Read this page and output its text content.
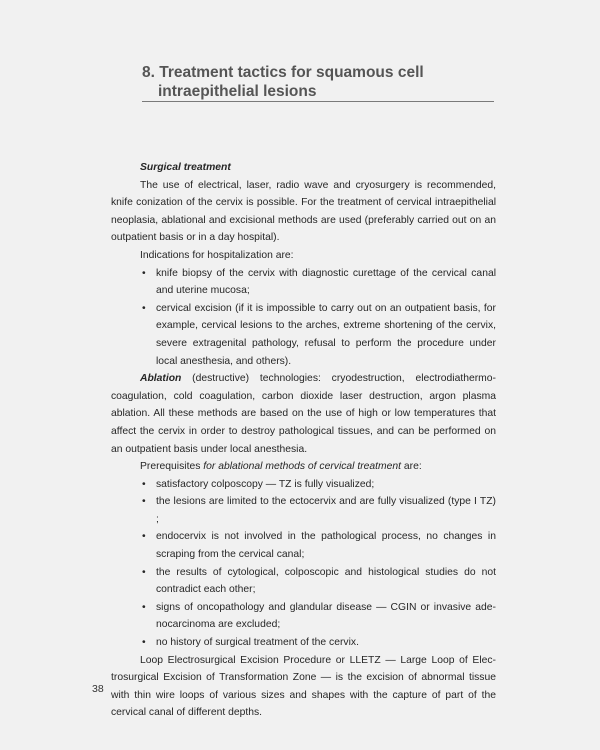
8. Treatment tactics for squamous cell
intraepithelial lesions

Surgical treatment

The use of electrical, laser, radio wave and cryosurgery is recommended, knife conization of the cervix is possible. For the treatment of cervical intraepithelial neoplasia, ablational and excisional methods are used (preferably carried out on an outpatient basis or in a day hospital).

Indications for hospitalization are:

• knife biopsy of the cervix with diagnostic curettage of the cervical canal and uterine mucosa;
• cervical excision (if it is impossible to carry out on an outpatient basis, for example, cervical lesions to the arches, extreme shortening of the cervix, severe extragenital pathology, refusal to perform the procedure under local anesthesia, and others).

Ablation (destructive) technologies: cryodestruction, electrodiathermocoagulation, cold coagulation, carbon dioxide laser destruction, argon plasma ablation. All these methods are based on the use of high or low temperatures that affect the cervix in order to destroy pathological tissues, and can be performed on an outpatient basis under local anesthesia.

Prerequisites for ablational methods of cervical treatment are:

• satisfactory colposcopy — TZ is fully visualized;
• the lesions are limited to the ectocervix and are fully visualized (type I TZ) ;
• endocervix is not involved in the pathological process, no changes in scraping from the cervical canal;
• the results of cytological, colposcopic and histological studies do not contradict each other;
• signs of oncopathology and glandular disease — CGIN or invasive adenocarcinoma are excluded;
• no history of surgical treatment of the cervix.

Loop Electrosurgical Excision Procedure or LLETZ — Large Loop of Electrosurgical Excision of Transformation Zone — is the excision of abnormal tissue with thin wire loops of various sizes and shapes with the capture of part of the cervical canal of different depths.

38
